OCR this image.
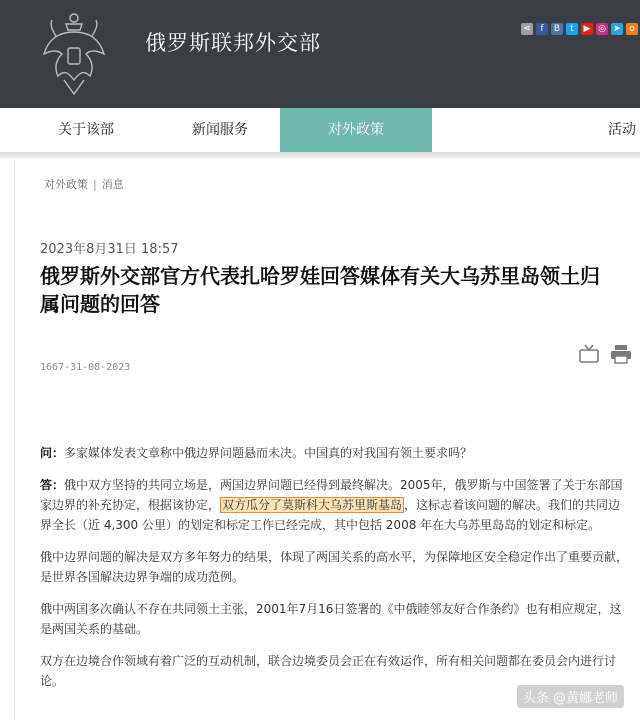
俄罗斯联邦外交部
⋖	f	B	t	▶ ◎ ➤ o
关于该部	新闻服务	对外政策	活动
对外政策 | 消息
2023年8月31日 18:57
俄罗斯外交部官方代表扎哈罗娃回答媒体有关大乌苏里岛领土归属问题的回答
1667-31-08-2023

问：多家媒体发表文章称中俄边界问题悬而未决。中国真的对我国有领土要求吗？

答：俄中双方坚持的共同立场是，两国边界问题已经得到最终解决。2005年，俄罗斯与中国签署了关于东部国家边界的补充协定，根据该协定， 双方瓜分了莫斯科大乌苏里斯基岛 ，这标志着该问题的解决。我们的共同边界全长（近 4,300 公里）的划定和标定工作已经完成，其中包括 2008 年在大乌苏里岛岛的划定和标定。

俄中边界问题的解决是双方多年努力的结果，体现了两国关系的高水平，为保障地区安全稳定作出了重要贡献，是世界各国解决边界争端的成功范例。

俄中两国多次确认不存在共同领土主张，2001年7月16日签署的《中俄睦邻友好合作条约》也有相应规定，这是两国关系的基础。

双方在边境合作领域有着广泛的互动机制，联合边境委员会正在有效运作，所有相关问题都在委员会内进行讨论。

头条 @黄娜老师
